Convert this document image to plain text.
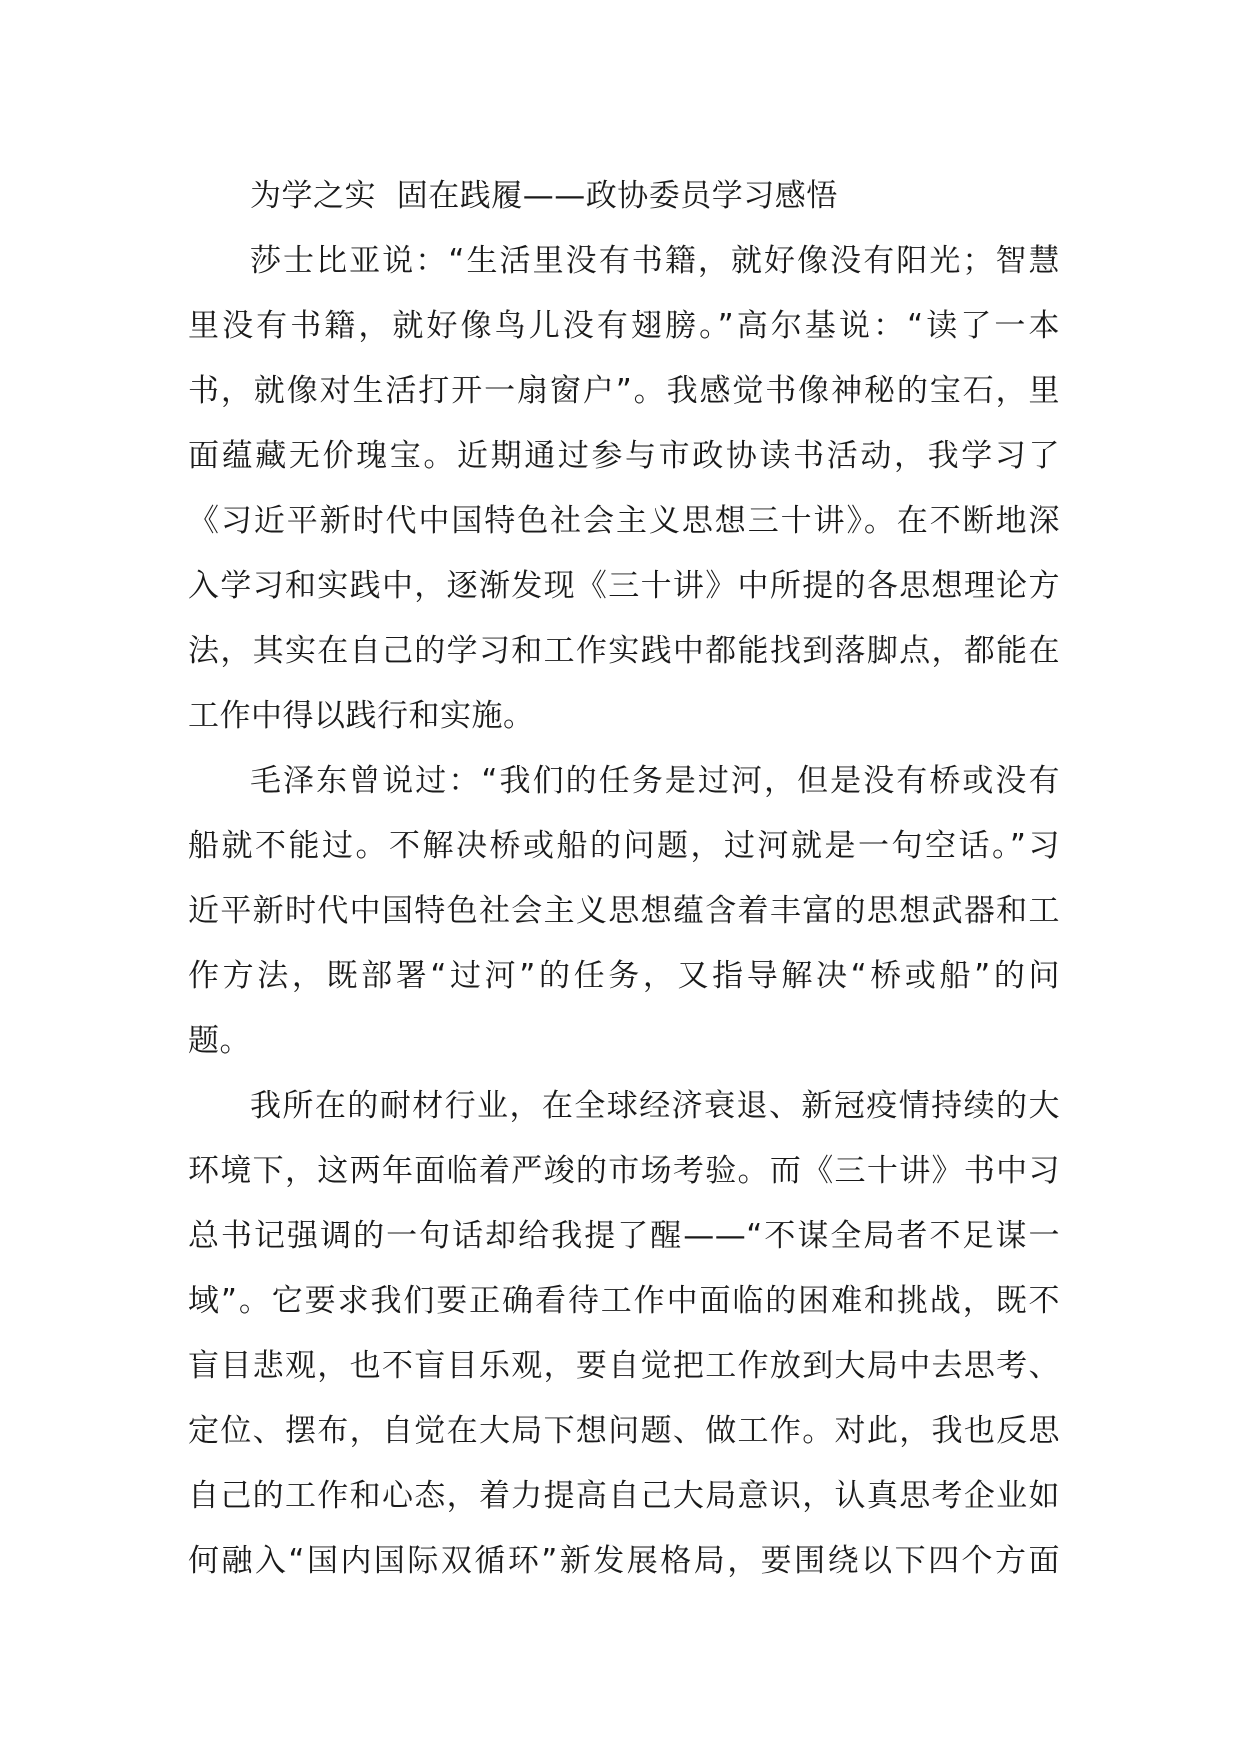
为学之实  固在践履——政协委员学习感悟
莎士比亚说：“生活里没有书籍，就好像没有阳光；智慧
里没有书籍，就好像鸟儿没有翅膀。”高尔基说：“读了一本
书，就像对生活打开一扇窗户”。我感觉书像神秘的宝石，里
面蕴藏无价瑰宝。近期通过参与市政协读书活动，我学习了
《习近平新时代中国特色社会主义思想三十讲》。在不断地深
入学习和实践中，逐渐发现《三十讲》中所提的各思想理论方
法，其实在自己的学习和工作实践中都能找到落脚点，都能在
工作中得以践行和实施。
毛泽东曾说过：“我们的任务是过河，但是没有桥或没有
船就不能过。不解决桥或船的问题，过河就是一句空话。”习
近平新时代中国特色社会主义思想蕴含着丰富的思想武器和工
作方法，既部署“过河”的任务，又指导解决“桥或船”的问
题。
我所在的耐材行业，在全球经济衰退、新冠疫情持续的大
环境下，这两年面临着严竣的市场考验。而《三十讲》书中习
总书记强调的一句话却给我提了醒——“不谋全局者不足谋一
域”。它要求我们要正确看待工作中面临的困难和挑战，既不
盲目悲观，也不盲目乐观，要自觉把工作放到大局中去思考、
定位、摆布，自觉在大局下想问题、做工作。对此，我也反思
自己的工作和心态，着力提高自己大局意识，认真思考企业如
何融入“国内国际双循环”新发展格局，要围绕以下四个方面
